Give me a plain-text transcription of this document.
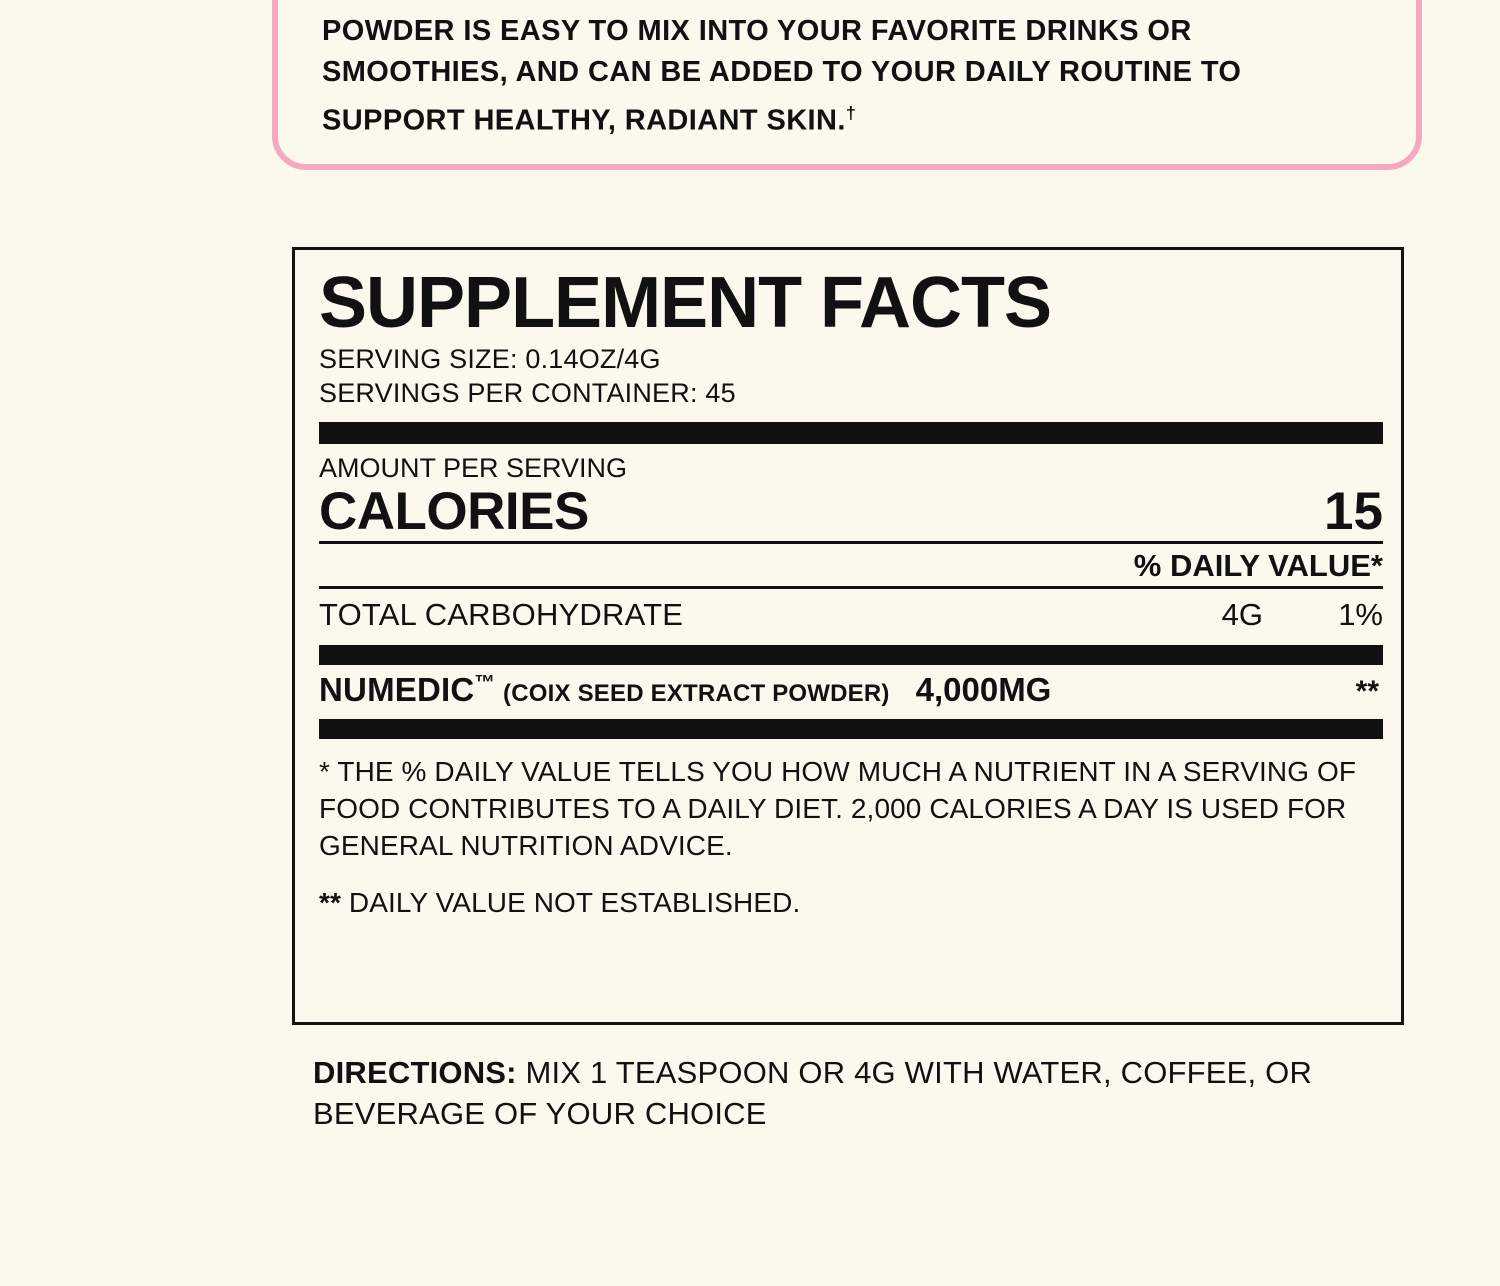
POWDER IS EASY TO MIX INTO YOUR FAVORITE DRINKS OR SMOOTHIES, AND CAN BE ADDED TO YOUR DAILY ROUTINE TO SUPPORT HEALTHY, RADIANT SKIN.†
SUPPLEMENT FACTS
SERVING SIZE: 0.14OZ/4G
SERVINGS PER CONTAINER: 45
AMOUNT PER SERVING
CALORIES	15
% DAILY VALUE*
TOTAL CARBOHYDRATE	4G	1%
NUMEDIC™ (COIX SEED EXTRACT POWDER) 4,000MG	**
* THE % DAILY VALUE TELLS YOU HOW MUCH A NUTRIENT IN A SERVING OF FOOD CONTRIBUTES TO A DAILY DIET. 2,000 CALORIES A DAY IS USED FOR GENERAL NUTRITION ADVICE.
** DAILY VALUE NOT ESTABLISHED.
DIRECTIONS: MIX 1 TEASPOON OR 4G WITH WATER, COFFEE, OR BEVERAGE OF YOUR CHOICE
